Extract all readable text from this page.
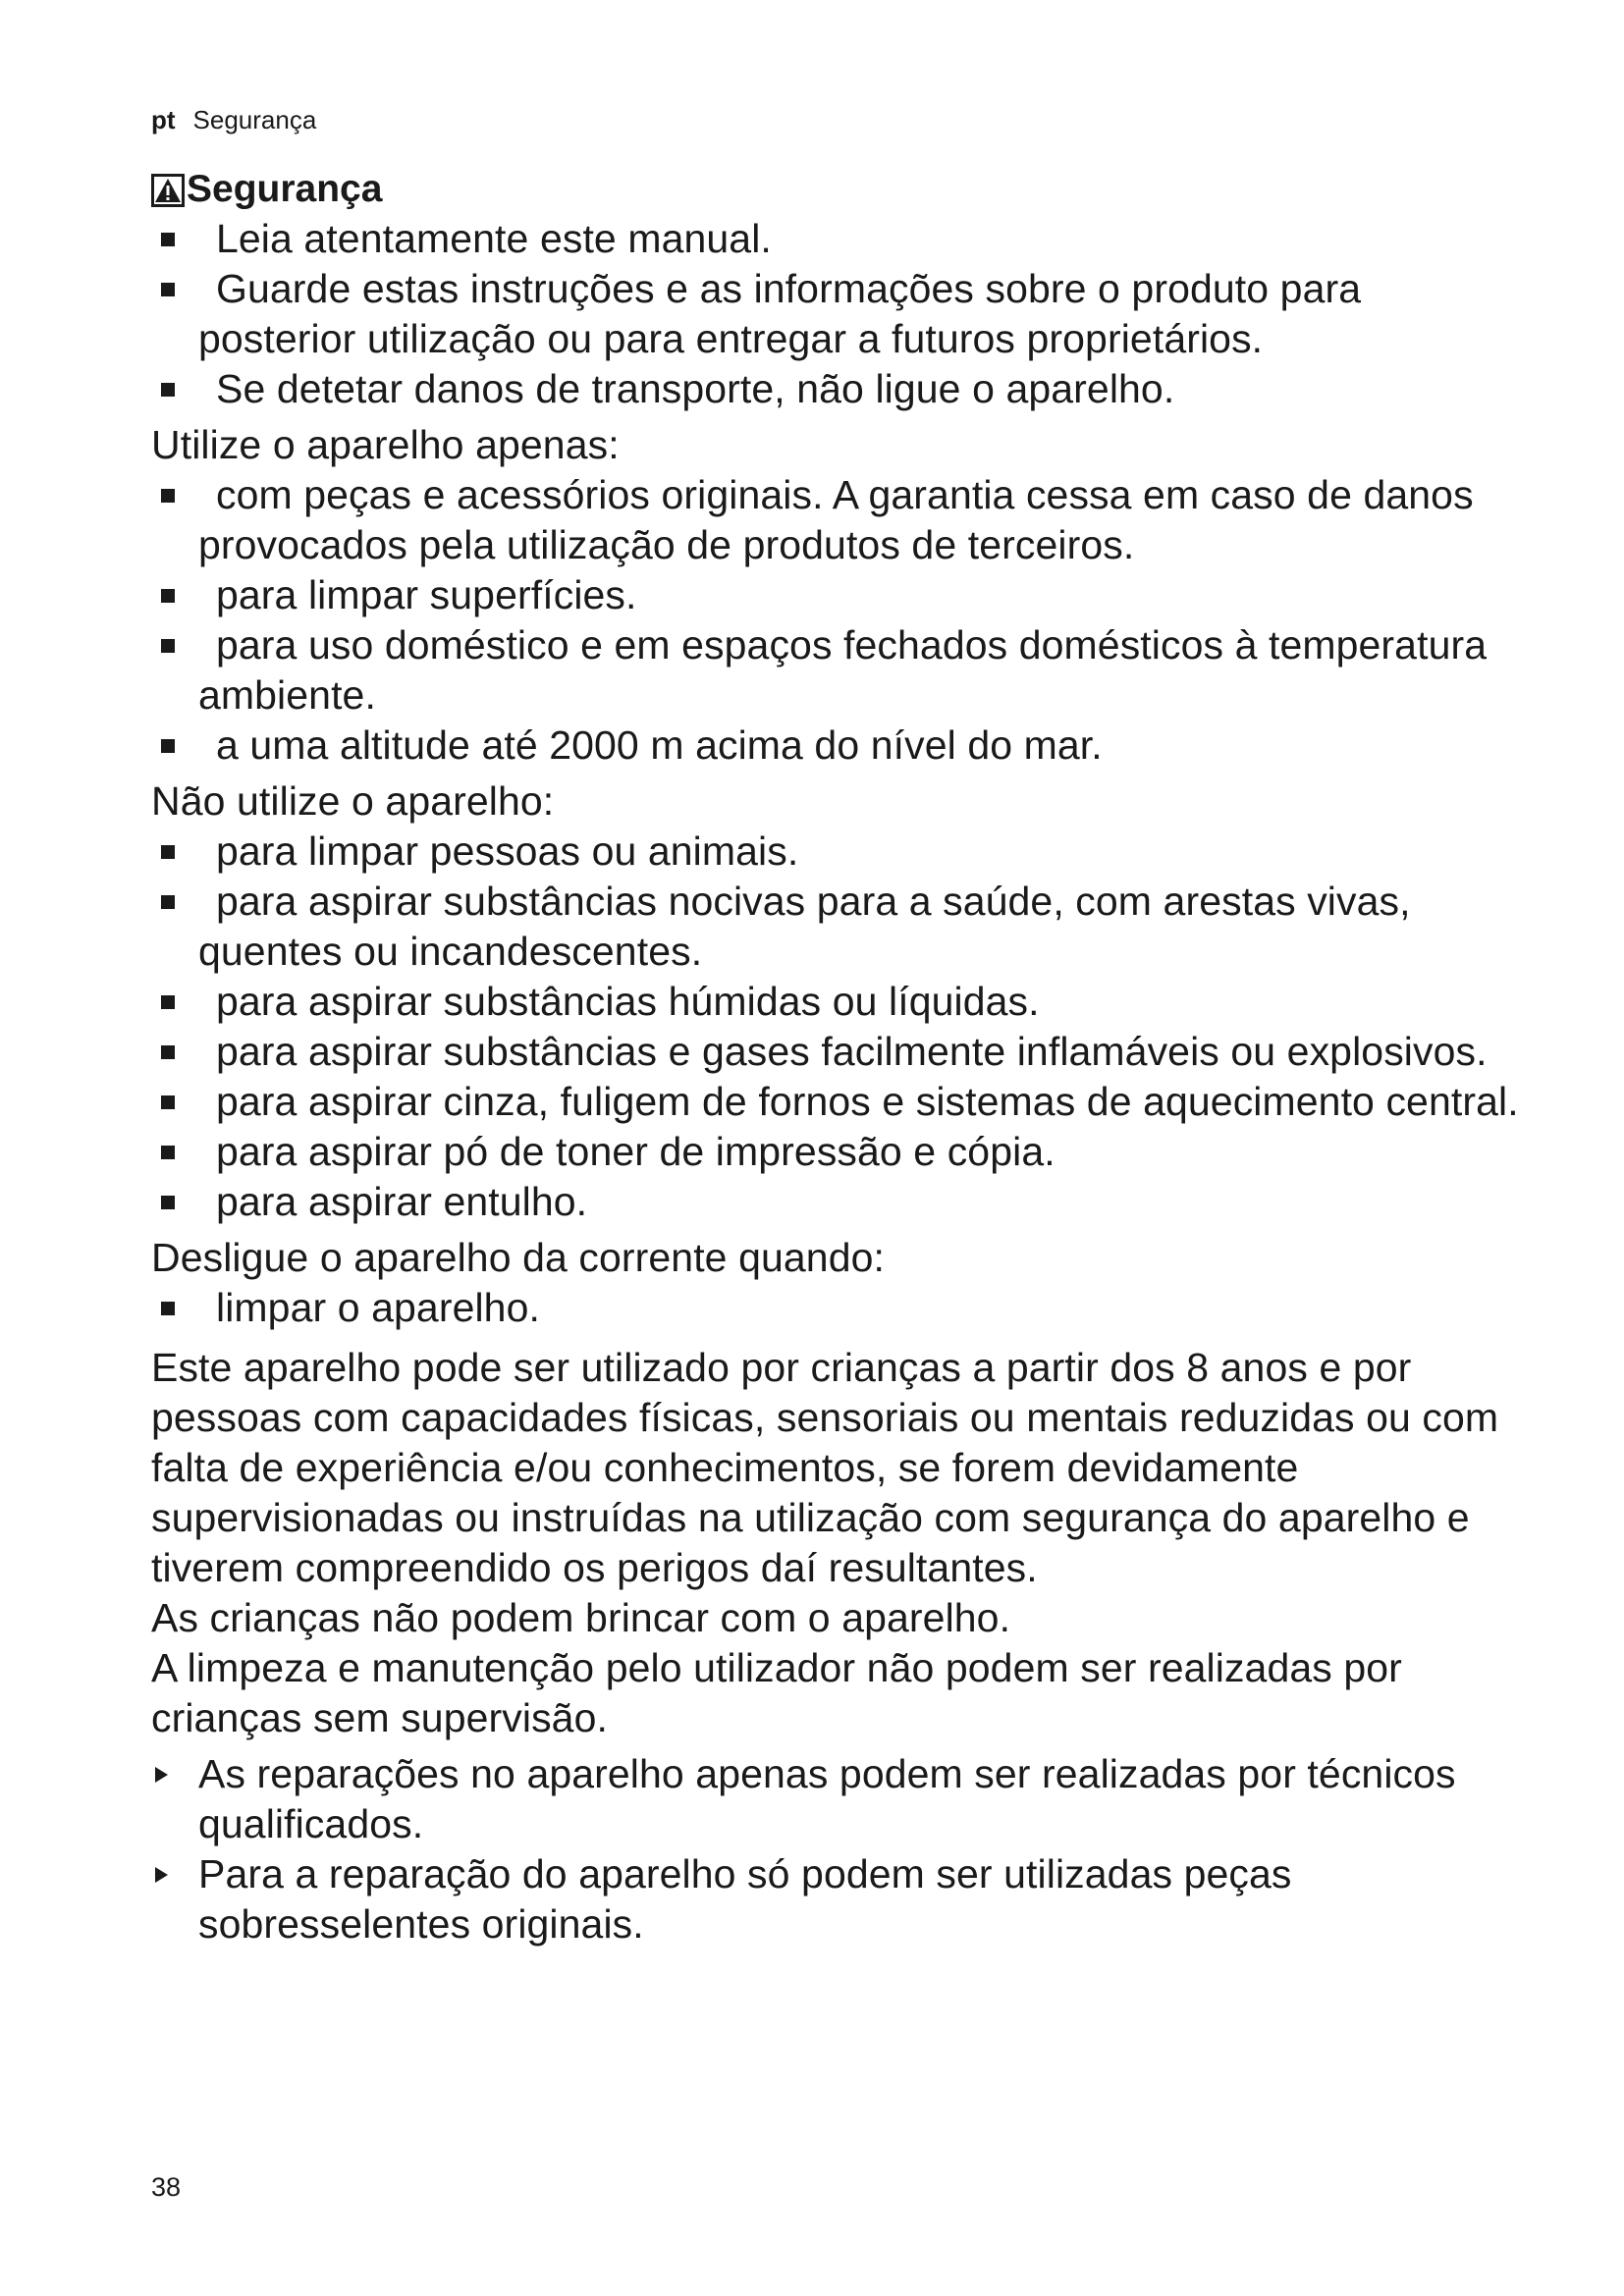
pt Segurança
Segurança
Leia atentamente este manual.
Guarde estas instruções e as informações sobre o produto para posterior utilização ou para entregar a futuros proprietários.
Se detetar danos de transporte, não ligue o aparelho.

Utilize o aparelho apenas:

com peças e acessórios originais. A garantia cessa em caso de danos provocados pela utilização de produtos de terceiros.
para limpar superfícies.
para uso doméstico e em espaços fechados domésticos à temperatura ambiente.
a uma altitude até 2000 m acima do nível do mar.

Não utilize o aparelho:

para limpar pessoas ou animais.
para aspirar substâncias nocivas para a saúde, com arestas vivas, quentes ou incandescentes.
para aspirar substâncias húmidas ou líquidas.
para aspirar substâncias e gases facilmente inflamáveis ou explosivos.
para aspirar cinza, fuligem de fornos e sistemas de aquecimento central.
para aspirar pó de toner de impressão e cópia.
para aspirar entulho.

Desligue o aparelho da corrente quando:

limpar o aparelho.

Este aparelho pode ser utilizado por crianças a partir dos 8 anos e por pessoas com capacidades físicas, sensoriais ou mentais reduzidas ou com falta de experiência e/ou conhecimentos, se forem devidamente supervisionadas ou instruídas na utilização com segurança do aparelho e tiverem compreendido os perigos daí resultantes.

As crianças não podem brincar com o aparelho.

A limpeza e manutenção pelo utilizador não podem ser realizadas por crianças sem supervisão.

As reparações no aparelho apenas podem ser realizadas por técnicos qualificados.
Para a reparação do aparelho só podem ser utilizadas peças sobresselentes originais.
38
